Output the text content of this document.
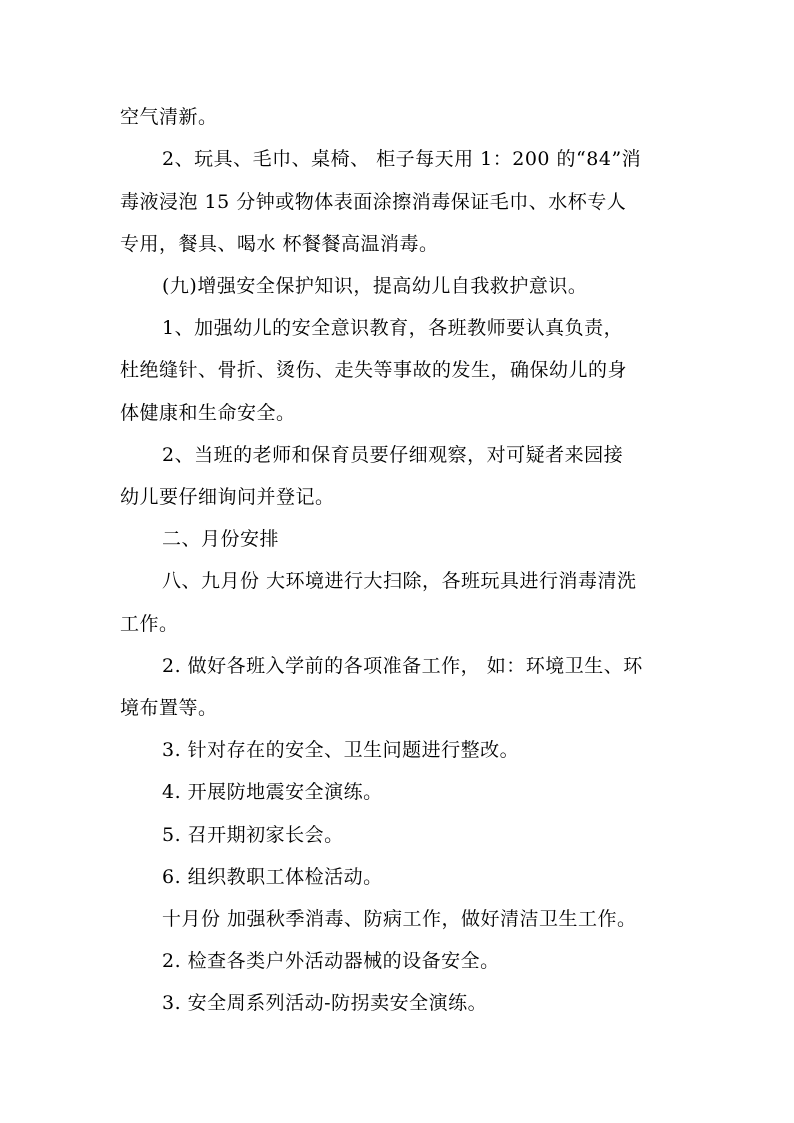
空气清新。
2、玩具、毛巾、桌椅、 柜子每天用 1：200 的“84”消
毒液浸泡 15 分钟或物体表面涂擦消毒保证毛巾、水杯专人
专用，餐具、喝水 杯餐餐高温消毒。
(九)增强安全保护知识，提高幼儿自我救护意识。
1、加强幼儿的安全意识教育，各班教师要认真负责，
杜绝缝针、骨折、烫伤、走失等事故的发生，确保幼儿的身
体健康和生命安全。
2、当班的老师和保育员要仔细观察，对可疑者来园接
幼儿要仔细询问并登记。
二、月份安排
八、九月份 大环境进行大扫除，各班玩具进行消毒清洗
工作。
2. 做好各班入学前的各项准备工作， 如：环境卫生、环
境布置等。
3. 针对存在的安全、卫生问题进行整改。
4. 开展防地震安全演练。
5. 召开期初家长会。
6. 组织教职工体检活动。
十月份 加强秋季消毒、防病工作，做好清洁卫生工作。
2. 检查各类户外活动器械的设备安全。
3. 安全周系列活动-防拐卖安全演练。
